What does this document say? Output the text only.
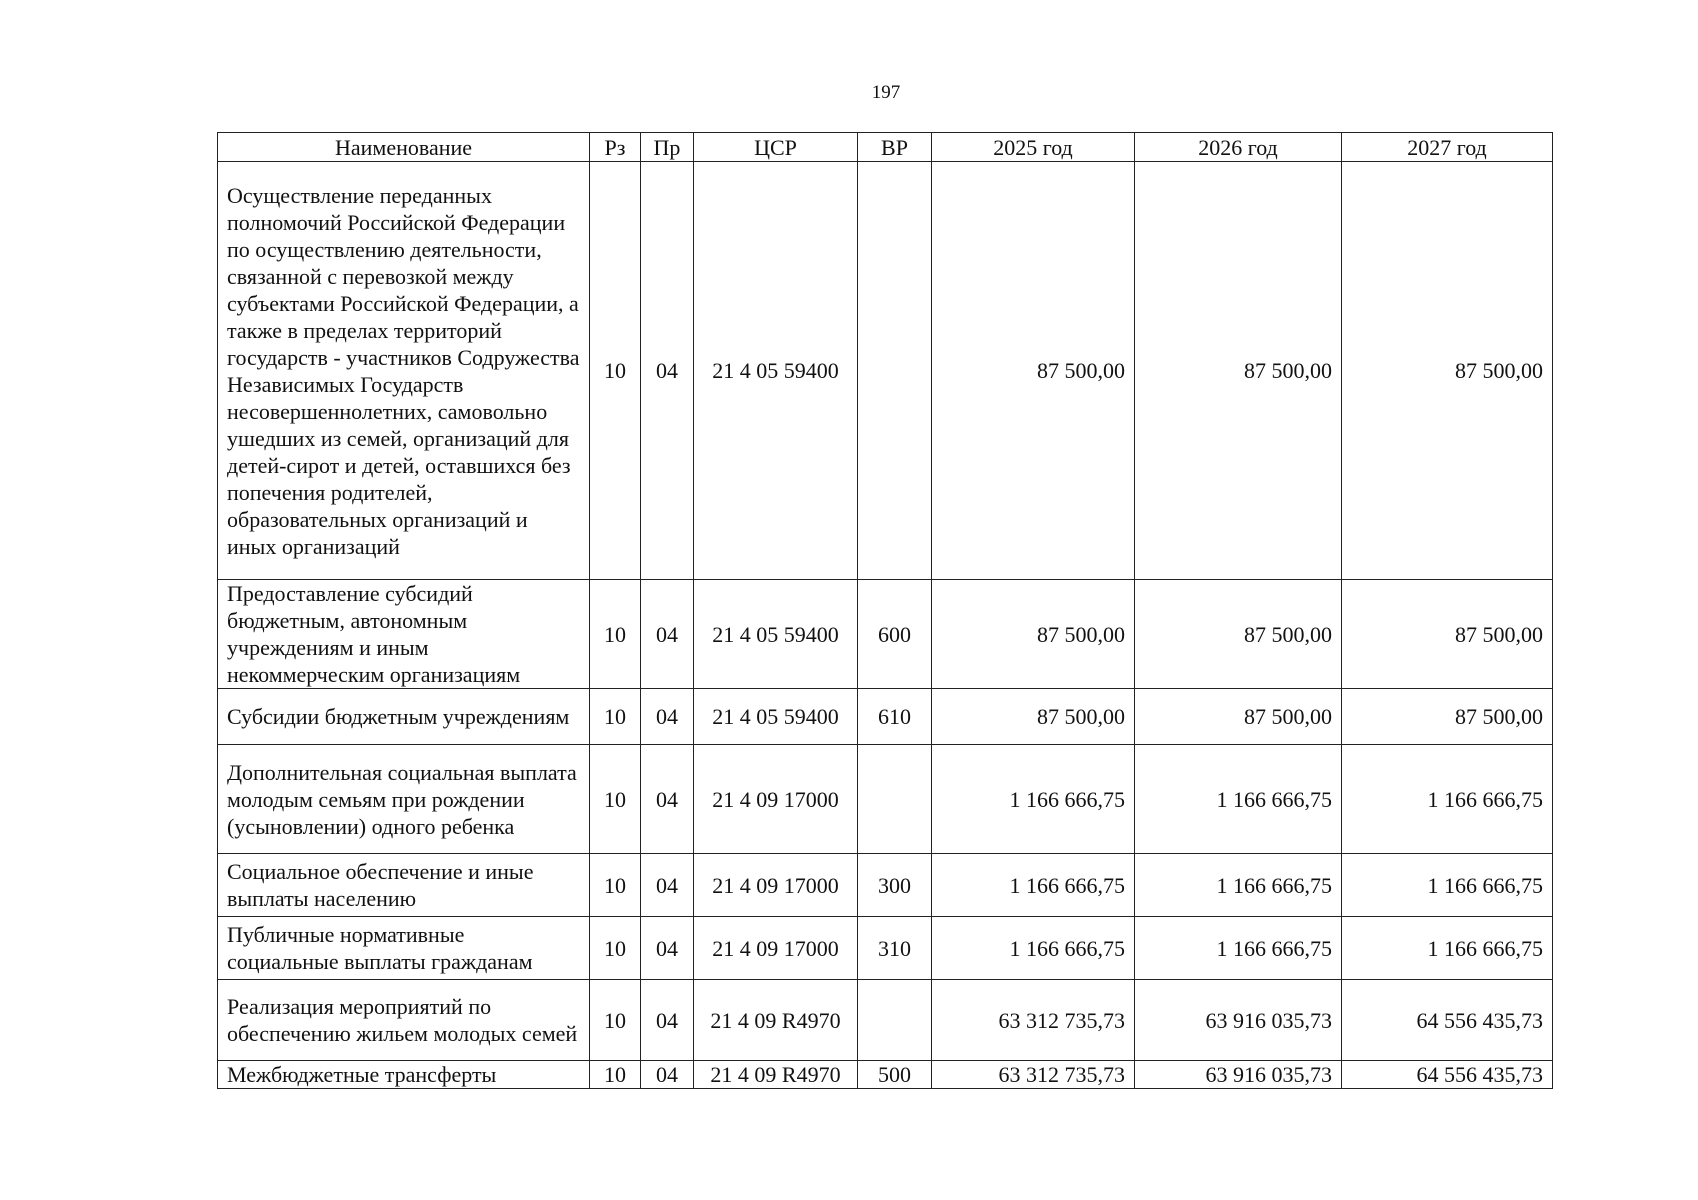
197
Наименование	Рз	Пр	ЦСР	ВР	2025 год	2026 год	2027 год
Осуществление переданных полномочий Российской Федерации по осуществлению деятельности, связанной с перевозкой между субъектами Российской Федерации, а также в пределах территорий государств - участников Содружества Независимых Государств несовершеннолетних, самовольно ушедших из семей, организаций для детей-сирот и детей, оставшихся без попечения родителей, образовательных организаций и иных организаций	10	04	21 4 05 59400		87 500,00	87 500,00	87 500,00
Предоставление субсидий бюджетным, автономным учреждениям и иным некоммерческим организациям	10	04	21 4 05 59400	600	87 500,00	87 500,00	87 500,00
Субсидии бюджетным учреждениям	10	04	21 4 05 59400	610	87 500,00	87 500,00	87 500,00
Дополнительная социальная выплата молодым семьям при рождении (усыновлении) одного ребенка	10	04	21 4 09 17000		1 166 666,75	1 166 666,75	1 166 666,75
Социальное обеспечение и иные выплаты населению	10	04	21 4 09 17000	300	1 166 666,75	1 166 666,75	1 166 666,75
Публичные нормативные социальные выплаты гражданам	10	04	21 4 09 17000	310	1 166 666,75	1 166 666,75	1 166 666,75
Реализация мероприятий по обеспечению жильем молодых семей	10	04	21 4 09 R4970		63 312 735,73	63 916 035,73	64 556 435,73
Межбюджетные трансферты	10	04	21 4 09 R4970	500	63 312 735,73	63 916 035,73	64 556 435,73
